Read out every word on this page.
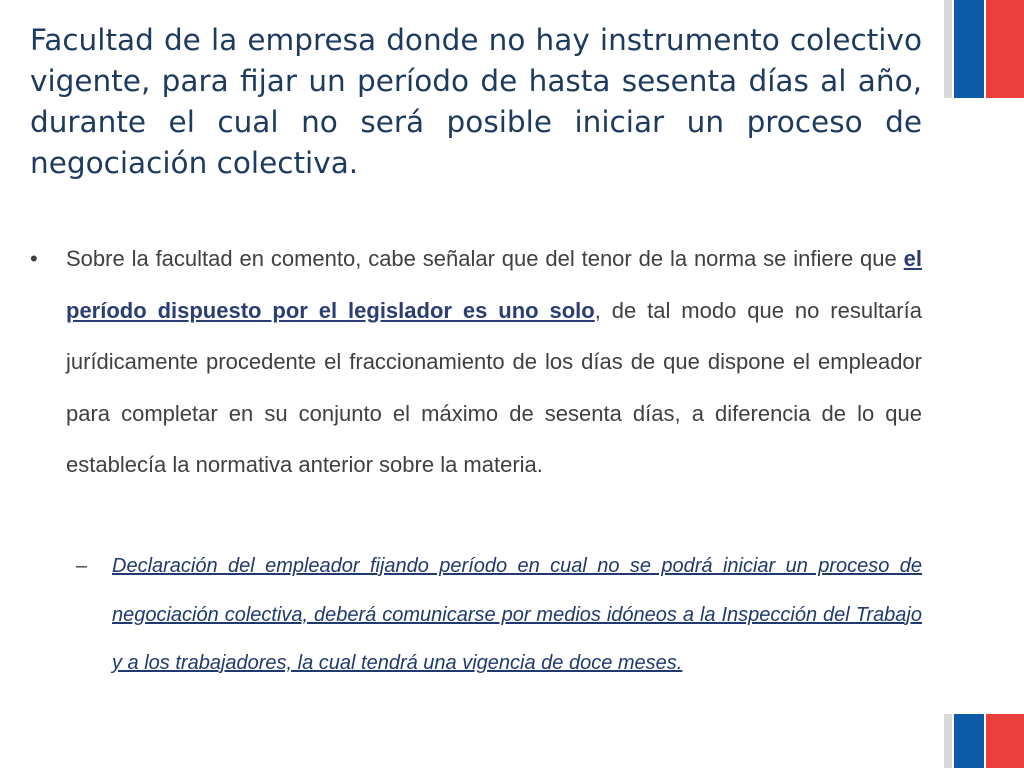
Facultad de la empresa donde no hay instrumento colectivo vigente, para fijar un período de hasta sesenta días al año, durante el cual no será posible iniciar un proceso de negociación colectiva.
•	Sobre la facultad en comento, cabe señalar que del tenor de la norma se infiere que el período dispuesto por el legislador es uno solo, de tal modo que no resultaría jurídicamente procedente el fraccionamiento de los días de que dispone el empleador para completar en su conjunto el máximo de sesenta días, a diferencia de lo que establecía la normativa anterior sobre la materia.
–	Declaración del empleador fijando período en cual no se podrá iniciar un proceso de negociación colectiva, deberá comunicarse por medios idóneos a la Inspección del Trabajo y a los trabajadores, la cual tendrá una vigencia de doce meses.
